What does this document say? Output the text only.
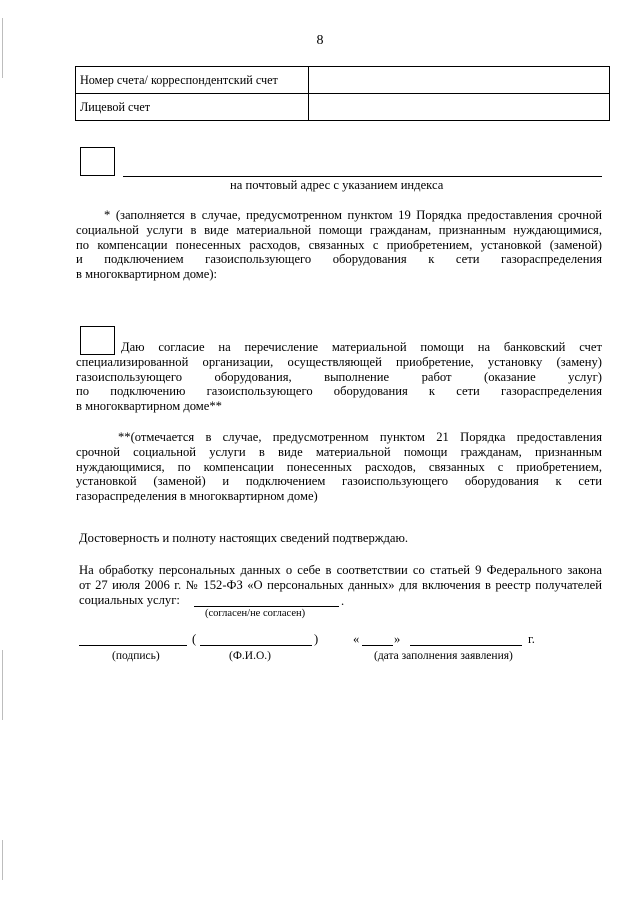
8
Номер счета/ корреспондентский счет	
Лицевой счет	
на почтовый адрес с указанием индекса
* (заполняется в случае, предусмотренном пунктом 19 Порядка предоставления срочной
социальной услуги в виде материальной помощи гражданам, признанным нуждающимися,
по компенсации понесенных расходов, связанных с приобретением, установкой (заменой)
и подключением газоиспользующего оборудования к сети газораспределения
в многоквартирном доме):
Даю согласие на перечисление материальной помощи на банковский счет
специализированной организации, осуществляющей приобретение, установку (замену)
газоиспользующего оборудования, выполнение работ (оказание услуг)
по подключению газоиспользующего оборудования к сети газораспределения
в многоквартирном доме**
**(отмечается в случае, предусмотренном пунктом 21 Порядка предоставления
срочной социальной услуги в виде материальной помощи гражданам, признанным
нуждающимися, по компенсации понесенных расходов, связанных с приобретением,
установкой (заменой) и подключением газоиспользующего оборудования к сети
газораспределения в многоквартирном доме)
Достоверность и полноту настоящих сведений подтверждаю.
На обработку персональных данных о себе в соответствии со статьей 9 Федерального закона
от 27 июля 2006 г. № 152-ФЗ «О персональных данных» для включения в реестр получателей
социальных услуг:	.
(согласен/не согласен)
(	)	«	»	г.
(подпись)	(Ф.И.О.)	(дата заполнения заявления)
